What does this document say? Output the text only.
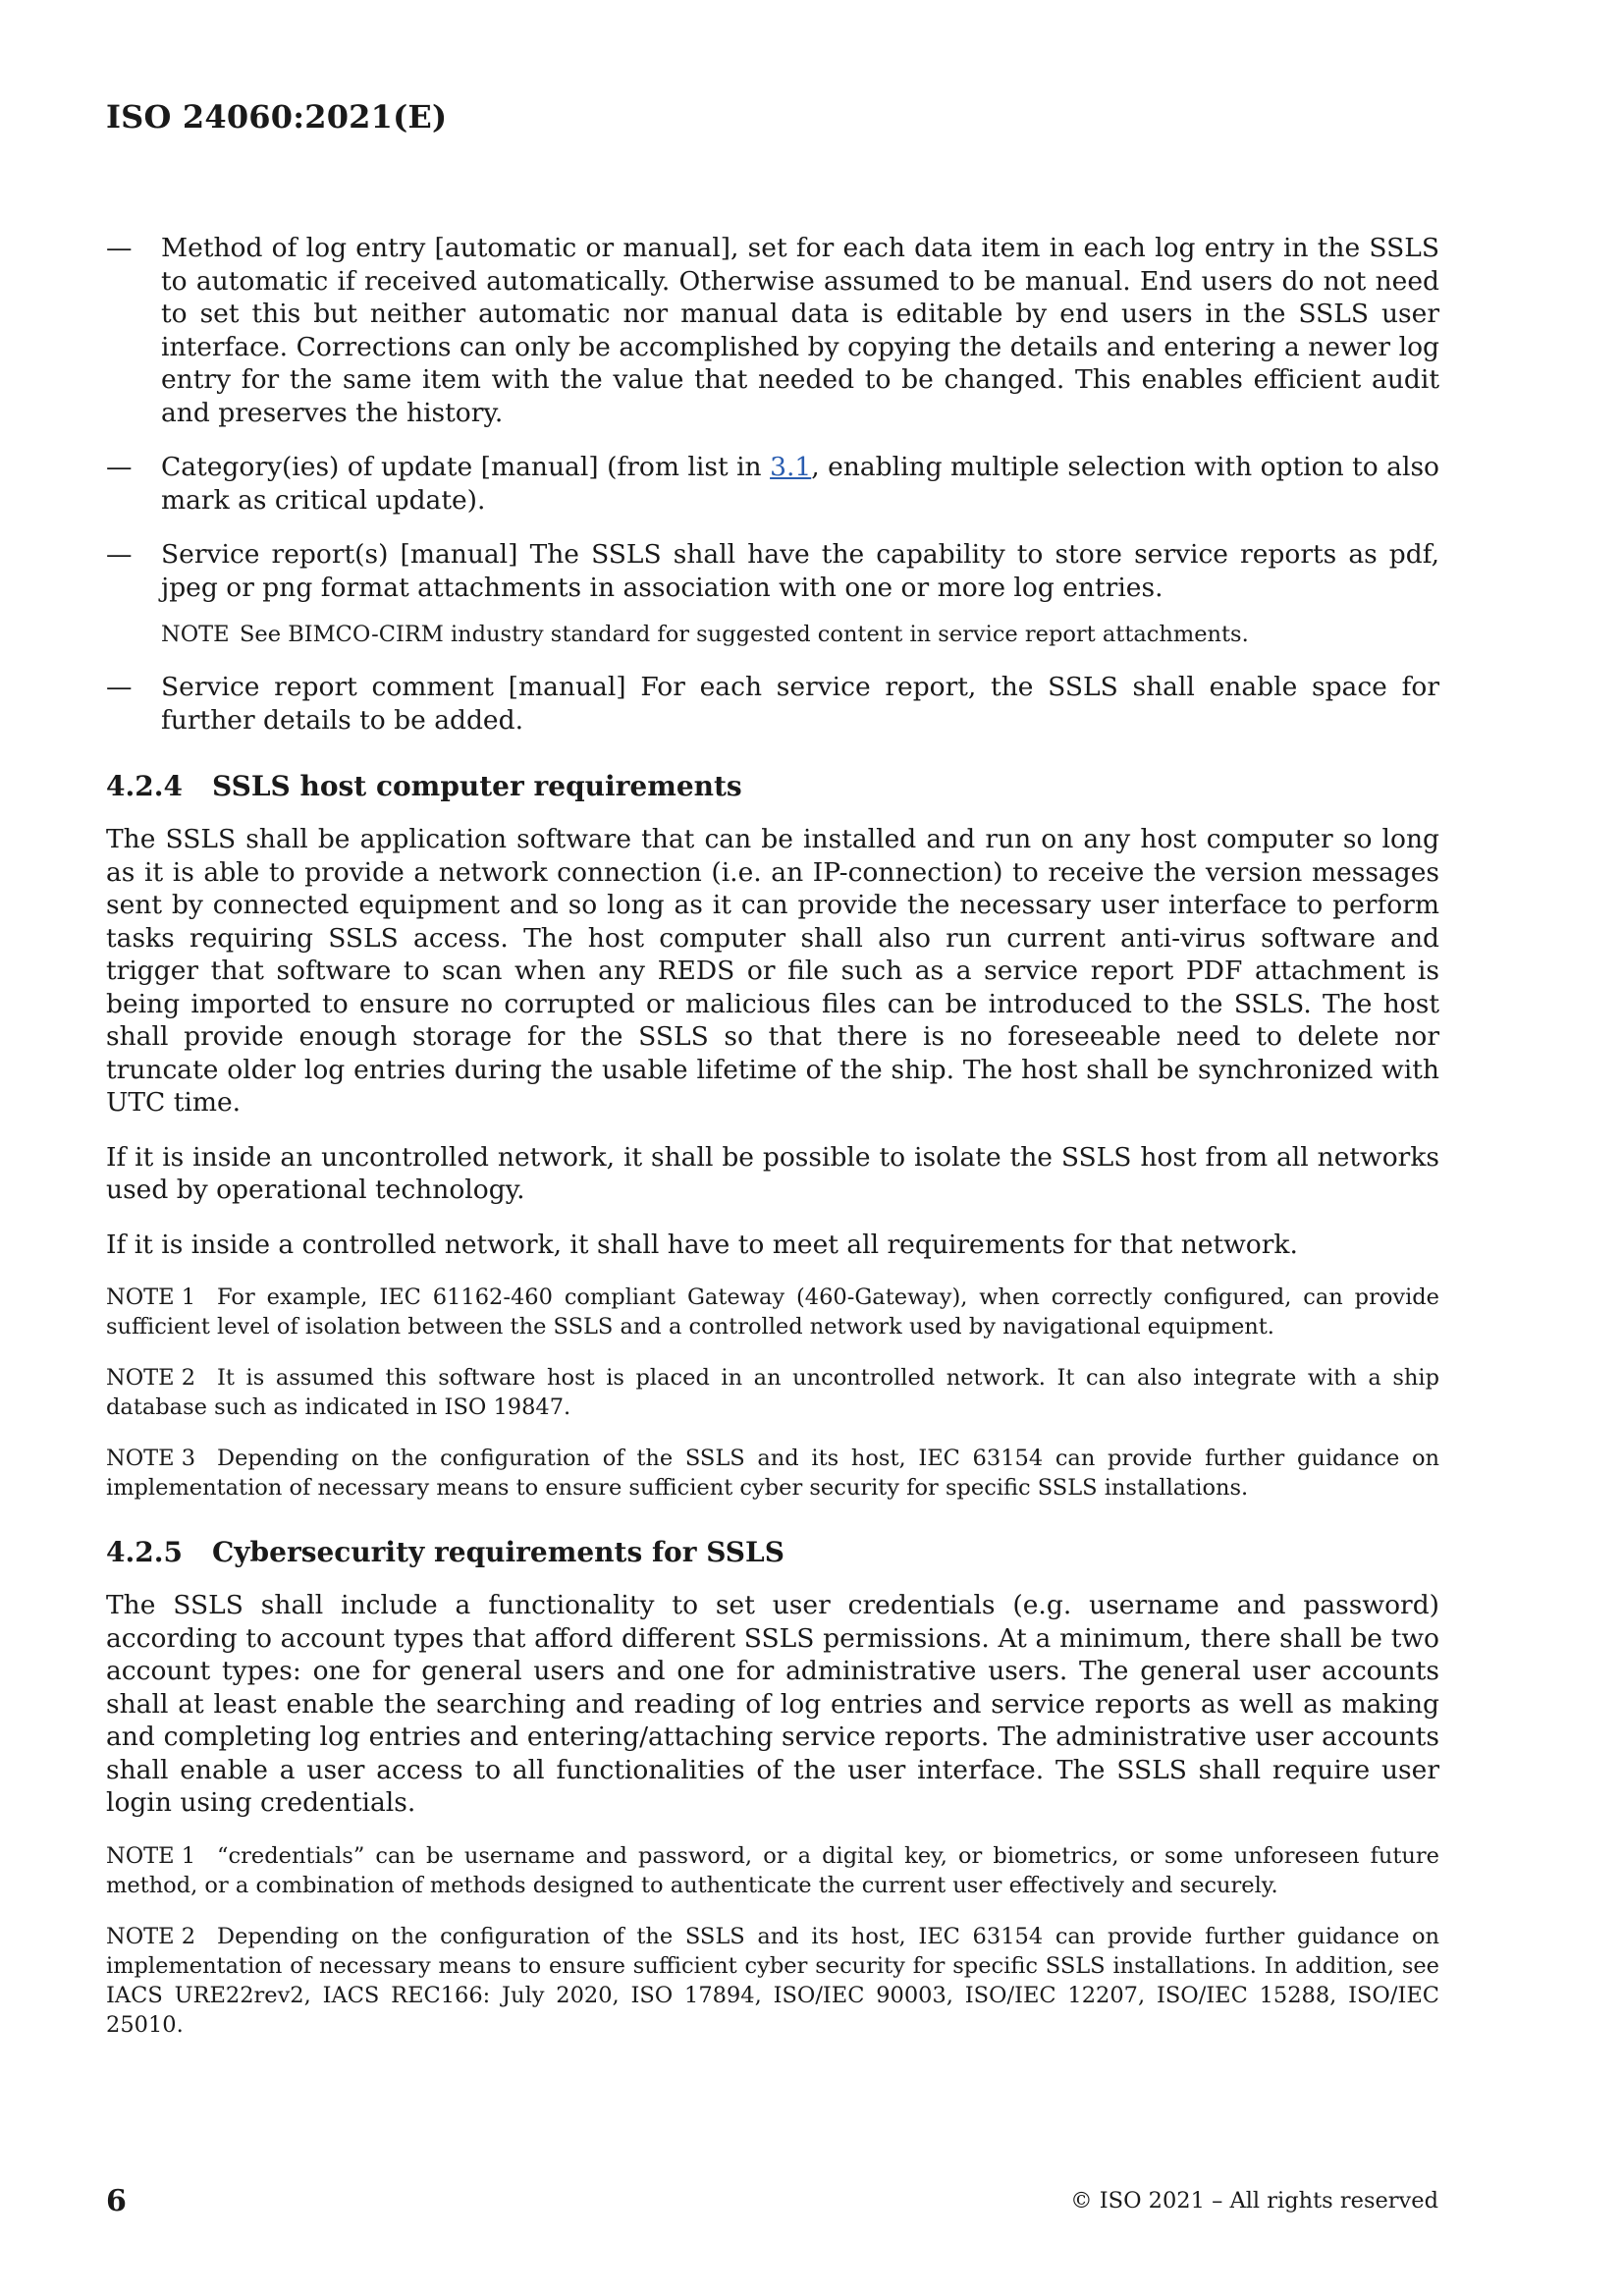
ISO 24060:2021(E)

—	Method of log entry [automatic or manual], set for each data item in each log entry in the SSLS to automatic if received automatically. Otherwise assumed to be manual. End users do not need to set this but neither automatic nor manual data is editable by end users in the SSLS user interface. Corrections can only be accomplished by copying the details and entering a newer log entry for the same item with the value that needed to be changed. This enables efficient audit and preserves the history.
—	Category(ies) of update [manual] (from list in 3.1, enabling multiple selection with option to also mark as critical update).
—	Service report(s) [manual] The SSLS shall have the capability to store service reports as pdf, jpeg or png format attachments in association with one or more log entries.
NOTE See BIMCO-CIRM industry standard for suggested content in service report attachments.
—	Service report comment [manual] For each service report, the SSLS shall enable space for further details to be added.
4.2.4	SSLS host computer requirements

The SSLS shall be application software that can be installed and run on any host computer so long as it is able to provide a network connection (i.e. an IP-connection) to receive the version messages sent by connected equipment and so long as it can provide the necessary user interface to perform tasks requiring SSLS access. The host computer shall also run current anti-virus software and trigger that software to scan when any REDS or file such as a service report PDF attachment is being imported to ensure no corrupted or malicious files can be introduced to the SSLS. The host shall provide enough storage for the SSLS so that there is no foreseeable need to delete nor truncate older log entries during the usable lifetime of the ship. The host shall be synchronized with UTC time.

If it is inside an uncontrolled network, it shall be possible to isolate the SSLS host from all networks used by operational technology.

If it is inside a controlled network, it shall have to meet all requirements for that network.

NOTE 1 For example, IEC 61162-460 compliant Gateway (460-Gateway), when correctly configured, can provide sufficient level of isolation between the SSLS and a controlled network used by navigational equipment.

NOTE 2 It is assumed this software host is placed in an uncontrolled network. It can also integrate with a ship database such as indicated in ISO 19847.

NOTE 3 Depending on the configuration of the SSLS and its host, IEC 63154 can provide further guidance on implementation of necessary means to ensure sufficient cyber security for specific SSLS installations.

4.2.5	Cybersecurity requirements for SSLS

The SSLS shall include a functionality to set user credentials (e.g. username and password) according to account types that afford different SSLS permissions. At a minimum, there shall be two account types: one for general users and one for administrative users. The general user accounts shall at least enable the searching and reading of log entries and service reports as well as making and completing log entries and entering/attaching service reports. The administrative user accounts shall enable a user access to all functionalities of the user interface. The SSLS shall require user login using credentials.

NOTE 1 “credentials” can be username and password, or a digital key, or biometrics, or some unforeseen future method, or a combination of methods designed to authenticate the current user effectively and securely.

NOTE 2 Depending on the configuration of the SSLS and its host, IEC 63154 can provide further guidance on implementation of necessary means to ensure sufficient cyber security for specific SSLS installations. In addition, see IACS URE22rev2, IACS REC166: July 2020, ISO 17894, ISO/IEC 90003, ISO/IEC 12207, ISO/IEC 15288, ISO/IEC 25010.

6	© ISO 2021 – All rights reserved
